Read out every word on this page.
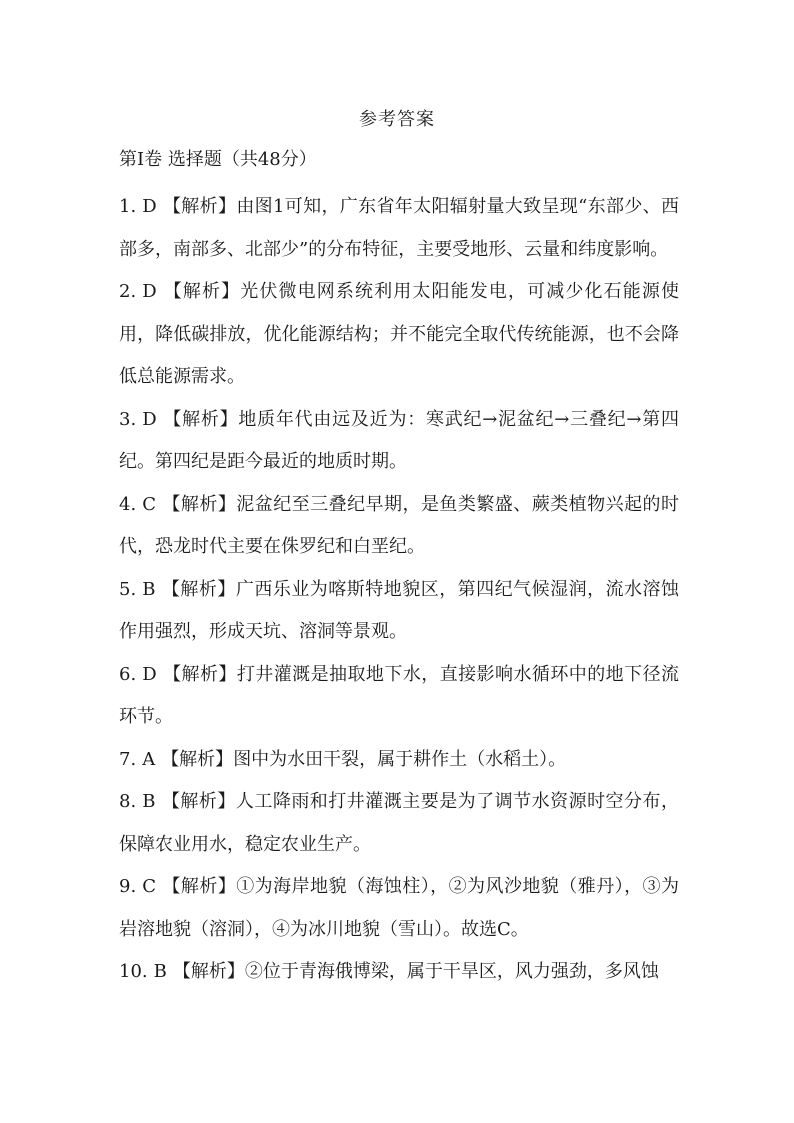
参考答案
第Ⅰ卷 选择题（共48分）

1. D 【解析】由图1可知，广东省年太阳辐射量大致呈现“东部少、西部多，南部多、北部少”的分布特征，主要受地形、云量和纬度影响。

2. D 【解析】光伏微电网系统利用太阳能发电，可减少化石能源使用，降低碳排放，优化能源结构；并不能完全取代传统能源，也不会降低总能源需求。

3. D 【解析】地质年代由远及近为：寒武纪→泥盆纪→三叠纪→第四纪。第四纪是距今最近的地质时期。

4. C 【解析】泥盆纪至三叠纪早期，是鱼类繁盛、蕨类植物兴起的时代，恐龙时代主要在侏罗纪和白垩纪。

5. B 【解析】广西乐业为喀斯特地貌区，第四纪气候湿润，流水溶蚀作用强烈，形成天坑、溶洞等景观。

6. D 【解析】打井灌溉是抽取地下水，直接影响水循环中的地下径流环节。

7. A 【解析】图中为水田干裂，属于耕作土（水稻土）。

8. B 【解析】人工降雨和打井灌溉主要是为了调节水资源时空分布，保障农业用水，稳定农业生产。

9. C 【解析】①为海岸地貌（海蚀柱），②为风沙地貌（雅丹），③为岩溶地貌（溶洞），④为冰川地貌（雪山）。故选C。

10. B 【解析】②位于青海俄博梁，属于干旱区，风力强劲，多风蚀
